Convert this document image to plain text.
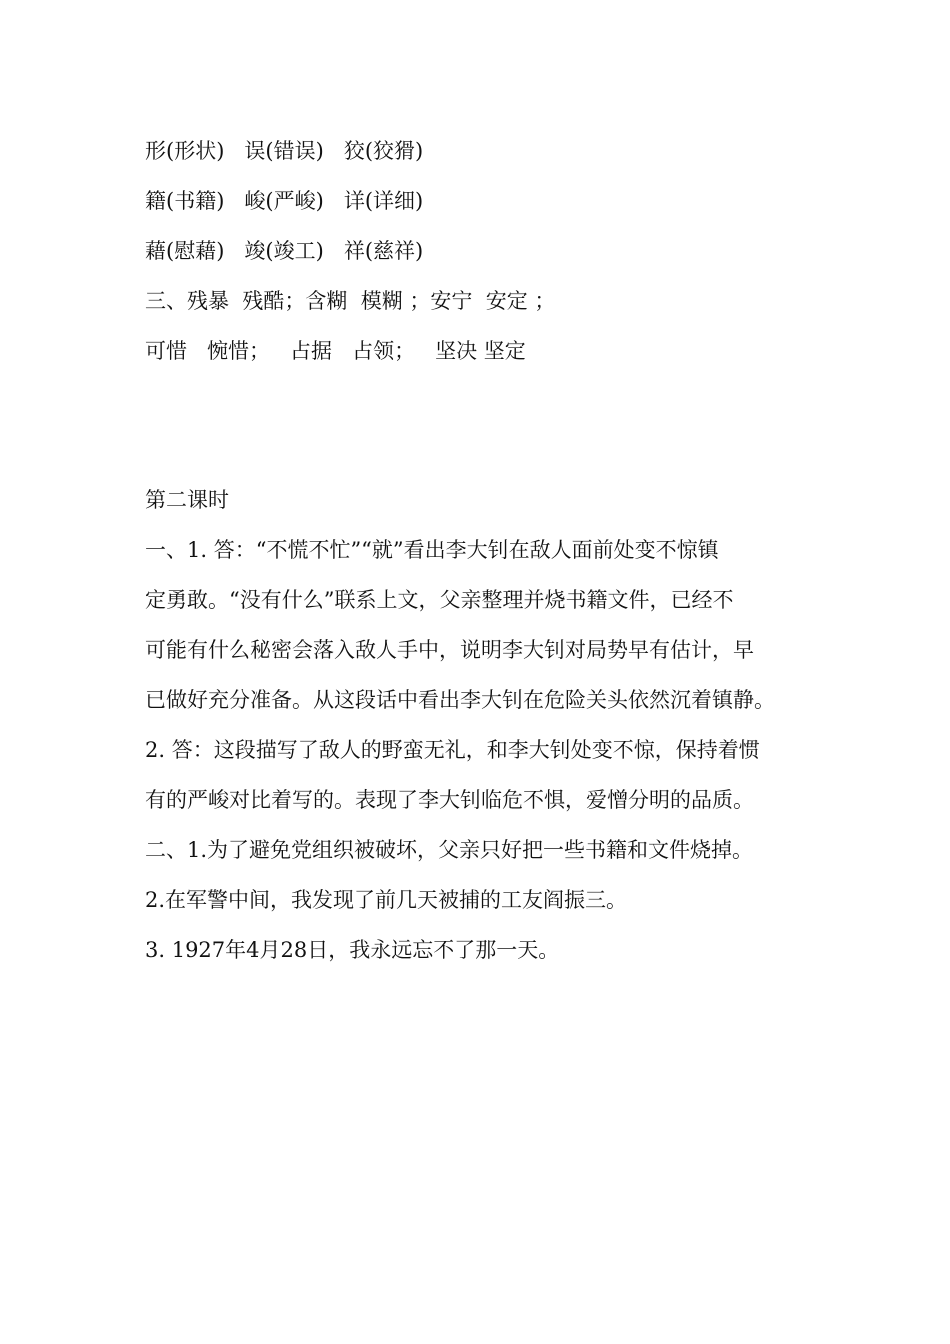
形(形状)   误(错误)   狡(狡猾)
籍(书籍)   峻(严峻)   详(详细)
藉(慰藉)   竣(竣工)   祥(慈祥)
三、残暴  残酷；含糊  模糊 ；安宁  安定 ；
可惜   惋惜；   占据   占领；   坚决 坚定
第二课时
一、1. 答：“不慌不忙”“就”看出李大钊在敌人面前处变不惊镇
定勇敢。“没有什么”联系上文，父亲整理并烧书籍文件，已经不
可能有什么秘密会落入敌人手中，说明李大钊对局势早有估计，早
已做好充分准备。从这段话中看出李大钊在危险关头依然沉着镇静。
2. 答：这段描写了敌人的野蛮无礼，和李大钊处变不惊，保持着惯
有的严峻对比着写的。表现了李大钊临危不惧，爱憎分明的品质。
二、1.为了避免党组织被破坏，父亲只好把一些书籍和文件烧掉。
2.在军警中间，我发现了前几天被捕的工友阎振三。
3. 1927年4月28日，我永远忘不了那一天。
